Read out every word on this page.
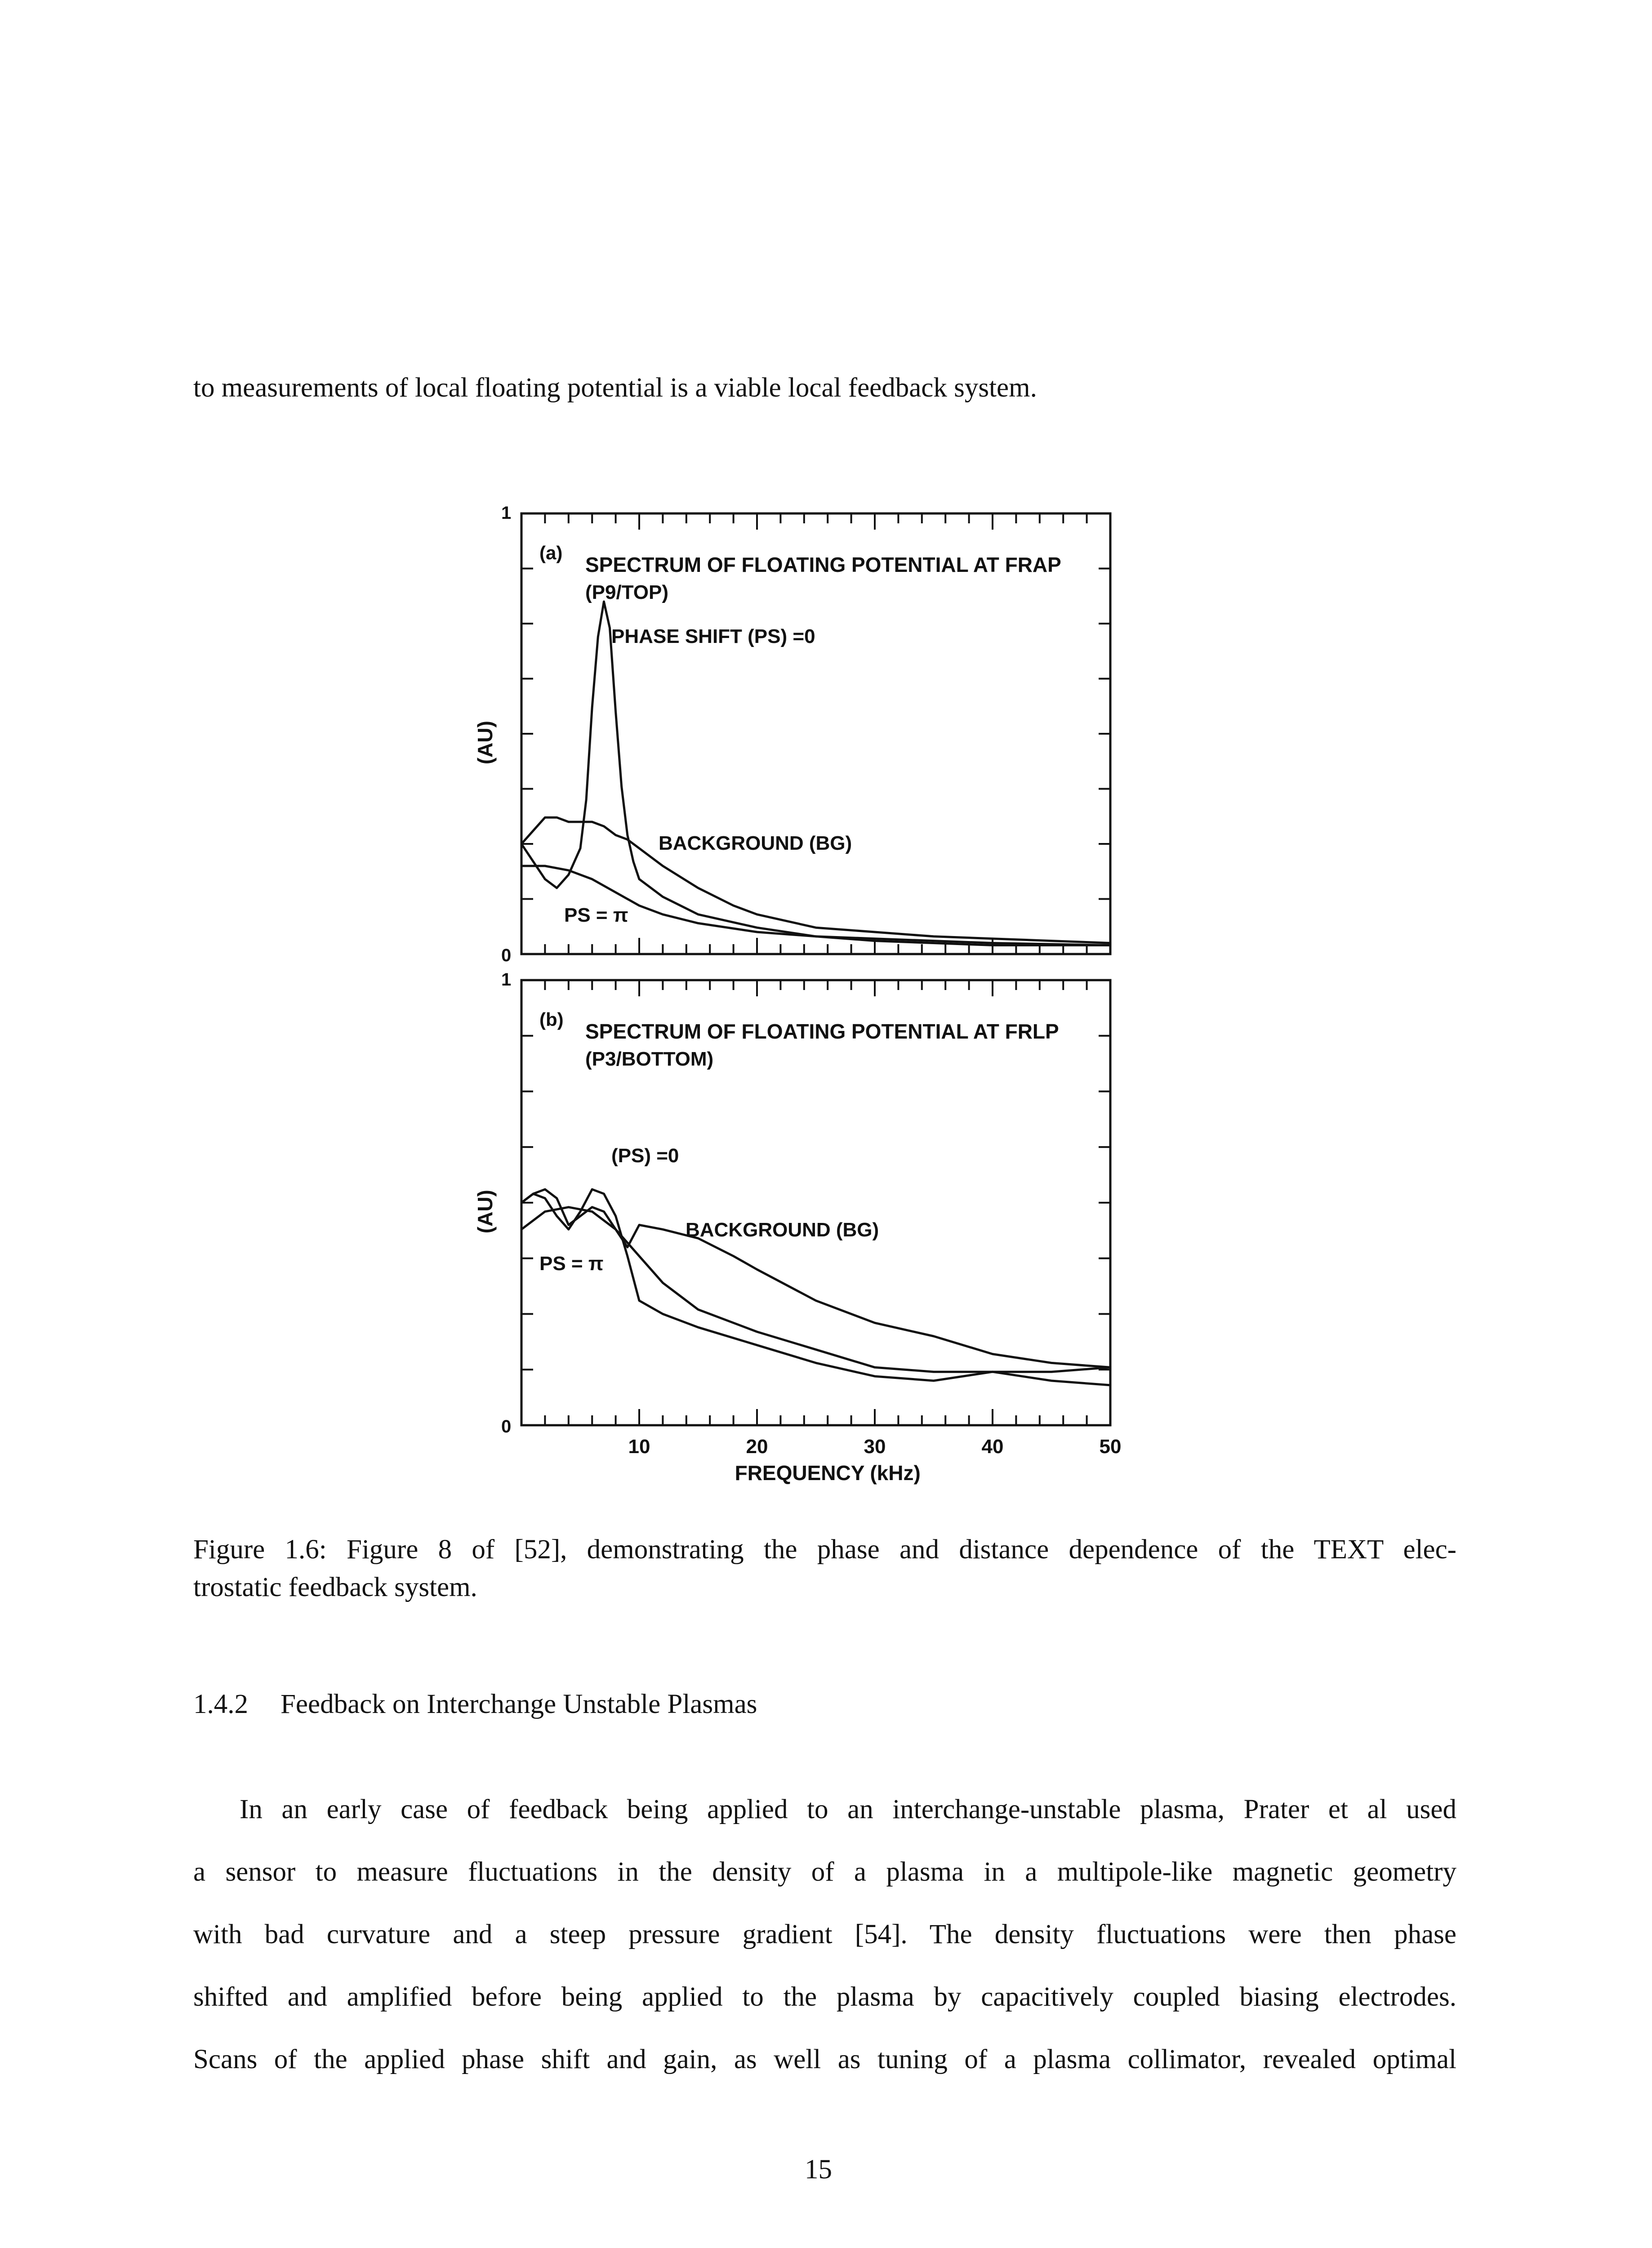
to measurements of local floating potential is a viable local feedback system.
0
1
(AU)
(a)
SPECTRUM OF FLOATING POTENTIAL AT FRAP
(P9/TOP)
PHASE SHIFT (PS) =0
BACKGROUND (BG)
PS = π
0
1
(AU)
(b)
SPECTRUM OF FLOATING POTENTIAL AT FRLP
(P3/BOTTOM)
(PS) =0
BACKGROUND (BG)
PS = π
10	20	30	40	50
FREQUENCY (kHz)
Figure 1.6: Figure 8 of [52], demonstrating the phase and distance dependence of the TEXT elec-
trostatic feedback system.
1.4.2 Feedback on Interchange Unstable Plasmas
In an early case of feedback being applied to an interchange-unstable plasma, Prater et al used
a sensor to measure fluctuations in the density of a plasma in a multipole-like magnetic geometry
with bad curvature and a steep pressure gradient [54]. The density fluctuations were then phase
shifted and amplified before being applied to the plasma by capacitively coupled biasing electrodes.
Scans of the applied phase shift and gain, as well as tuning of a plasma collimator, revealed optimal
15
